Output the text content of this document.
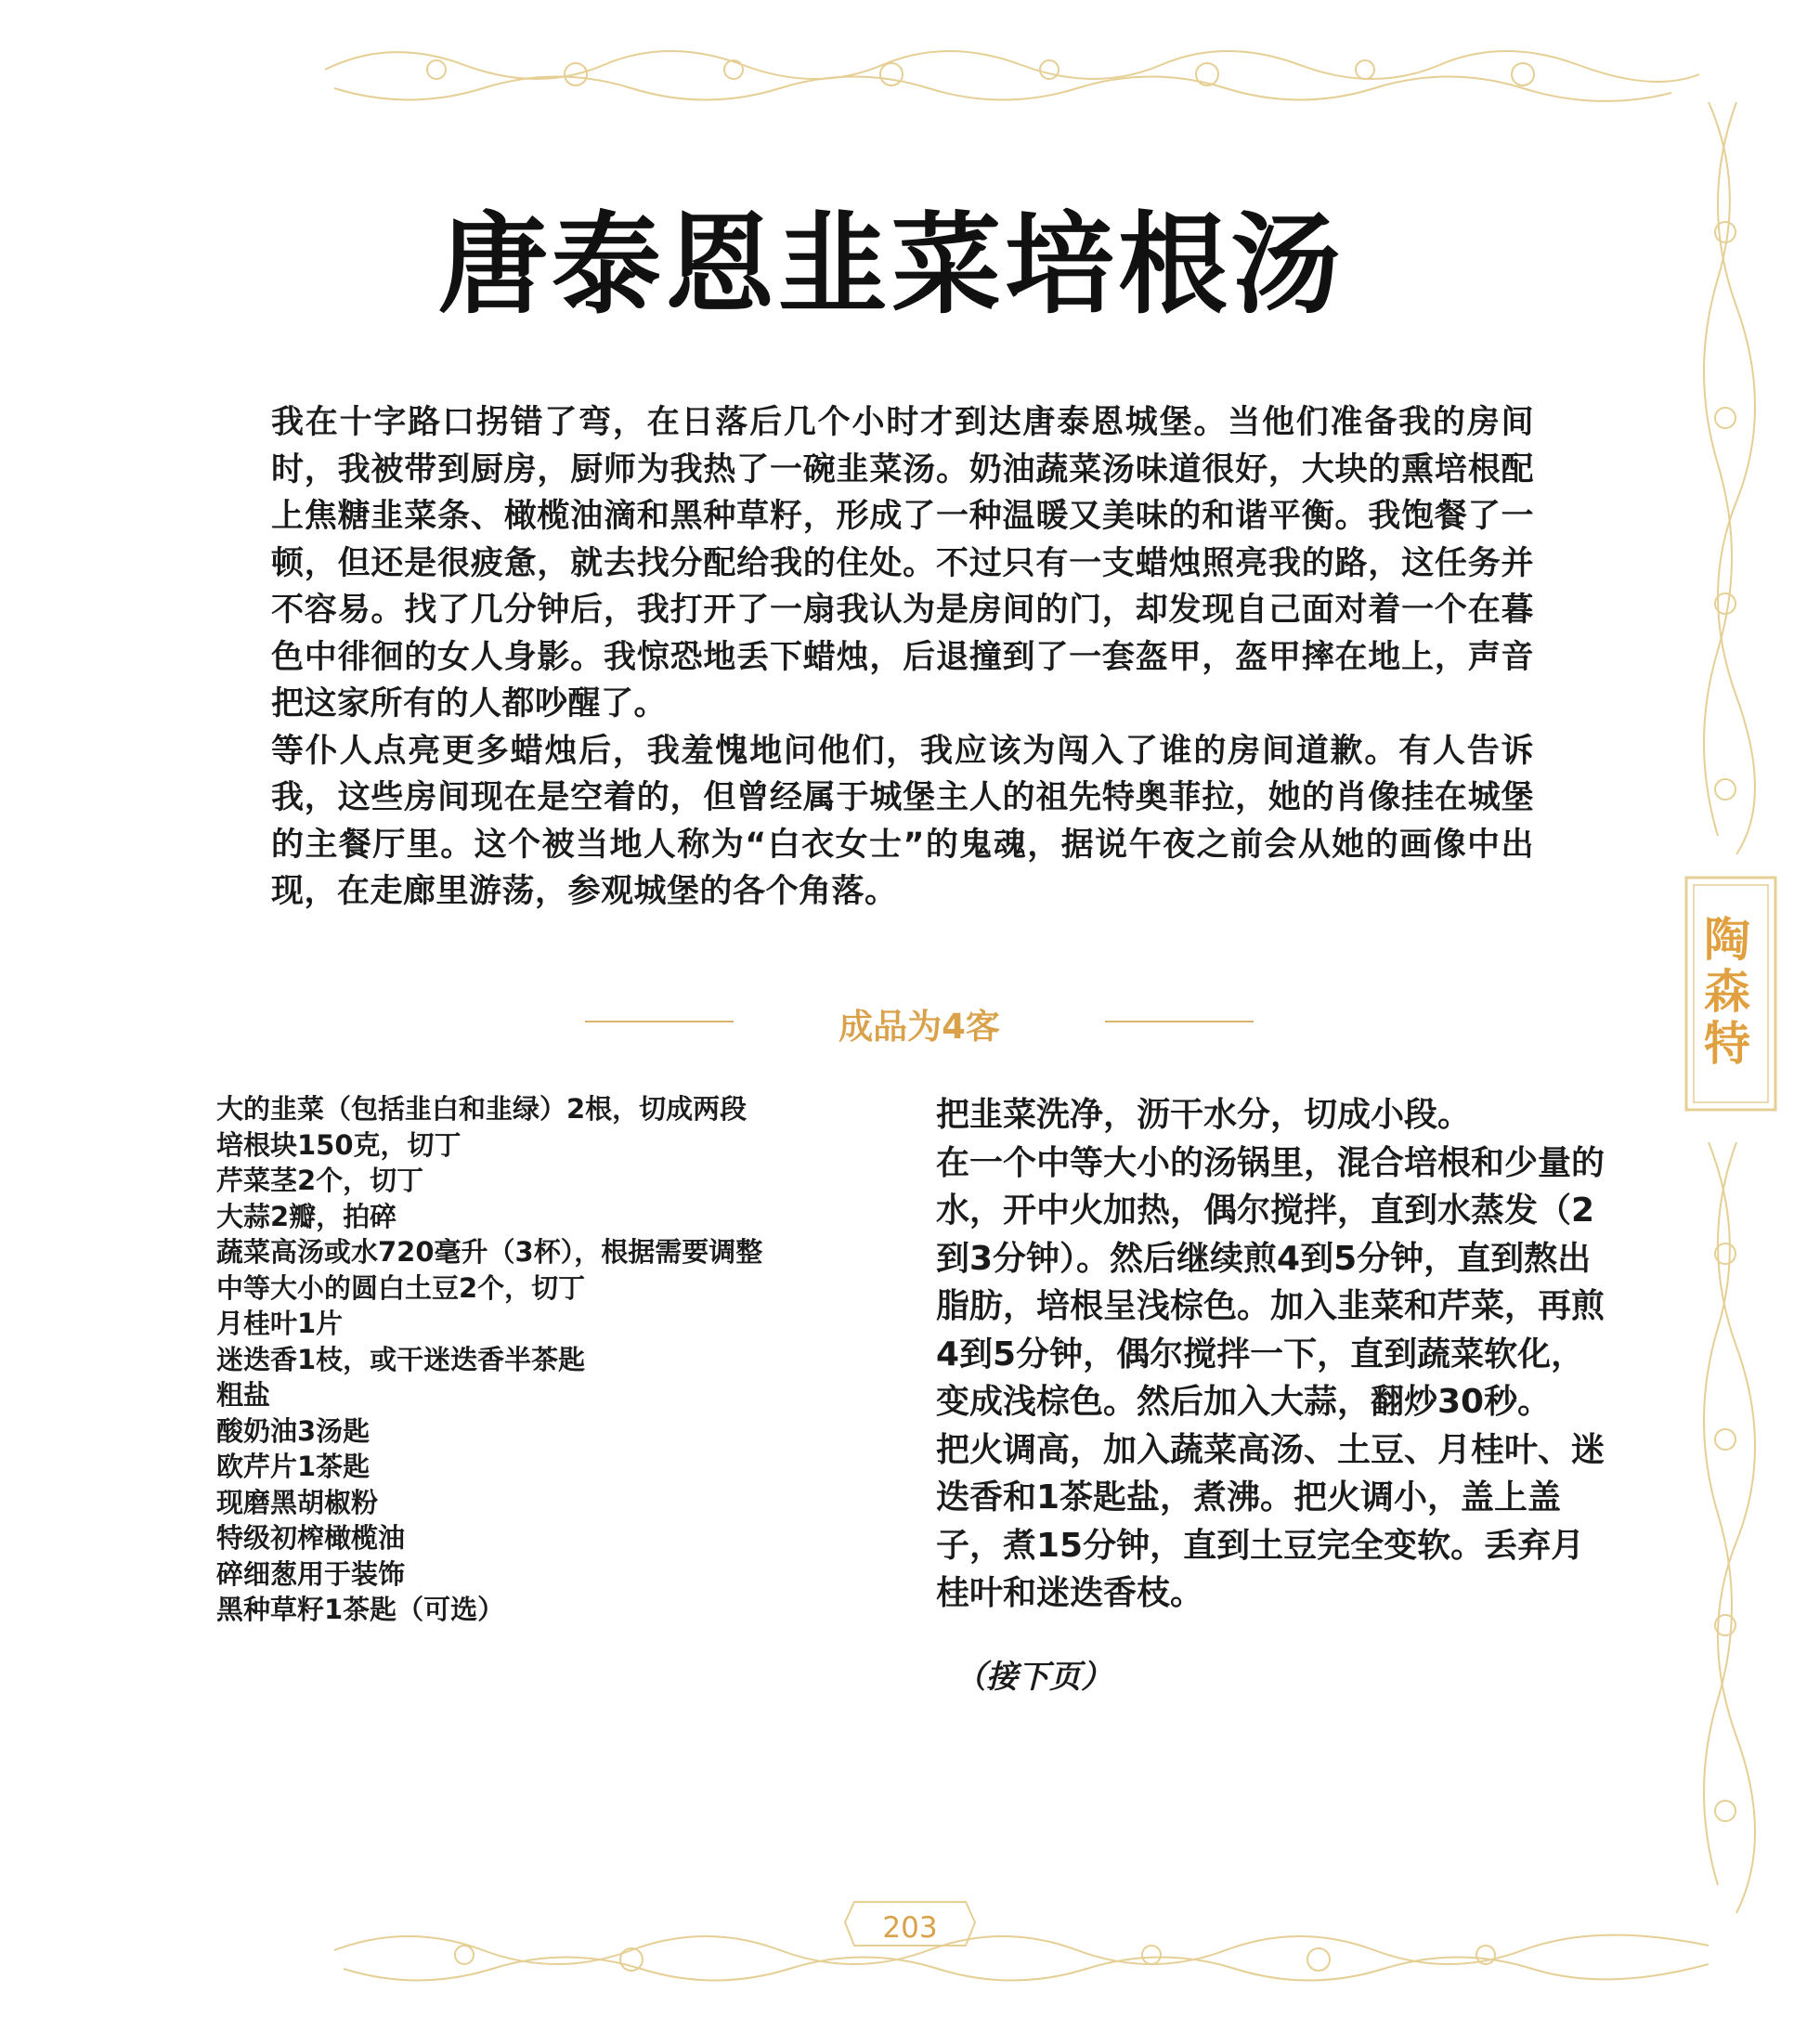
陶森特
唐泰恩韭菜培根汤

我在十字路口拐错了弯，在日落后几个小时才到达唐泰恩城堡。当他们准备我的房间时，我被带到厨房，厨师为我热了一碗韭菜汤。奶油蔬菜汤味道很好，大块的熏培根配上焦糖韭菜条、橄榄油滴和黑种草籽，形成了一种温暖又美味的和谐平衡。我饱餐了一顿，但还是很疲惫，就去找分配给我的住处。不过只有一支蜡烛照亮我的路，这任务并不容易。找了几分钟后，我打开了一扇我认为是房间的门，却发现自己面对着一个在暮色中徘徊的女人身影。我惊恐地丢下蜡烛，后退撞到了一套盔甲，盔甲摔在地上，声音把这家所有的人都吵醒了。

等仆人点亮更多蜡烛后，我羞愧地问他们，我应该为闯入了谁的房间道歉。有人告诉我，这些房间现在是空着的，但曾经属于城堡主人的祖先特奥菲拉，她的肖像挂在城堡的主餐厅里。这个被当地人称为“白衣女士”的鬼魂，据说午夜之前会从她的画像中出现，在走廊里游荡，参观城堡的各个角落。

成品为4客
大的韭菜（包括韭白和韭绿）2根，切成两段
培根块150克，切丁
芹菜茎2个，切丁
大蒜2瓣，拍碎
蔬菜高汤或水720毫升（3杯），根据需要调整
中等大小的圆白土豆2个，切丁
月桂叶1片
迷迭香1枝，或干迷迭香半茶匙
粗盐
酸奶油3汤匙
欧芹片1茶匙
现磨黑胡椒粉
特级初榨橄榄油
碎细葱用于装饰
黑种草籽1茶匙（可选）

把韭菜洗净，沥干水分，切成小段。

在一个中等大小的汤锅里，混合培根和少量的水，开中火加热，偶尔搅拌，直到水蒸发（2到3分钟）。然后继续煎4到5分钟，直到熬出脂肪，培根呈浅棕色。加入韭菜和芹菜，再煎4到5分钟，偶尔搅拌一下，直到蔬菜软化，变成浅棕色。然后加入大蒜，翻炒30秒。

把火调高，加入蔬菜高汤、土豆、月桂叶、迷迭香和1茶匙盐，煮沸。把火调小，盖上盖子，煮15分钟，直到土豆完全变软。丢弃月桂叶和迷迭香枝。

（接下页）
203
